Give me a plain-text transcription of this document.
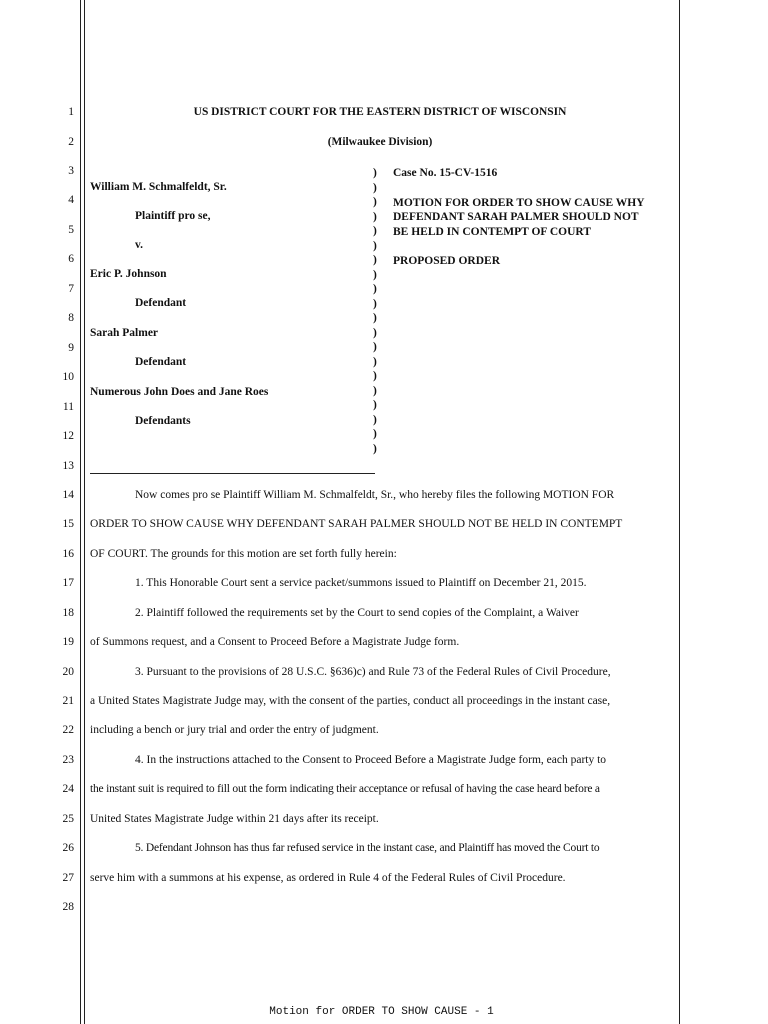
1
2
3
4
5
6
7
8
9
10
11
12
13
14
15
16
17
18
19
20
21
22
23
24
25
26
27
28
US DISTRICT COURT FOR THE EASTERN DISTRICT OF WISCONSIN
(Milwaukee Division)
William M. Schmalfeldt, Sr.
Plaintiff pro se,
v.
Eric P. Johnson
Defendant
Sarah Palmer
Defendant
Numerous John Does and Jane Roes
Defendants
)
)
)
)
)
)
)
)
)
)
)
)
)
)
)
)
)
)
)
)
Case No. 15-CV-1516
MOTION FOR ORDER TO SHOW CAUSE WHY
DEFENDANT SARAH PALMER SHOULD NOT
BE HELD IN CONTEMPT OF COURT
PROPOSED ORDER
Now comes pro se Plaintiff William M. Schmalfeldt, Sr., who hereby files the following MOTION FOR
ORDER TO SHOW CAUSE WHY DEFENDANT SARAH PALMER SHOULD NOT BE HELD IN CONTEMPT
OF COURT. The grounds for this motion are set forth fully herein:
1. This Honorable Court sent a service packet/summons issued to Plaintiff on December 21, 2015.
2. Plaintiff followed the requirements set by the Court to send copies of the Complaint, a Waiver
of Summons request, and a Consent to Proceed Before a Magistrate Judge form.
3. Pursuant to the provisions of 28 U.S.C. §636)c) and Rule 73 of the Federal Rules of Civil Procedure,
a United States Magistrate Judge may, with the consent of the parties, conduct all proceedings in the instant case,
including a bench or jury trial and order the entry of judgment.
4. In the instructions attached to the Consent to Proceed Before a Magistrate Judge form, each party to
the instant suit is required to fill out the form indicating their acceptance or refusal of having the case heard before a
United States Magistrate Judge within 21 days after its receipt.
5. Defendant Johnson has thus far refused service in the instant case, and Plaintiff has moved the Court to
serve him with a summons at his expense, as ordered in Rule 4 of the Federal Rules of Civil Procedure.
Motion for ORDER TO SHOW CAUSE - 1
